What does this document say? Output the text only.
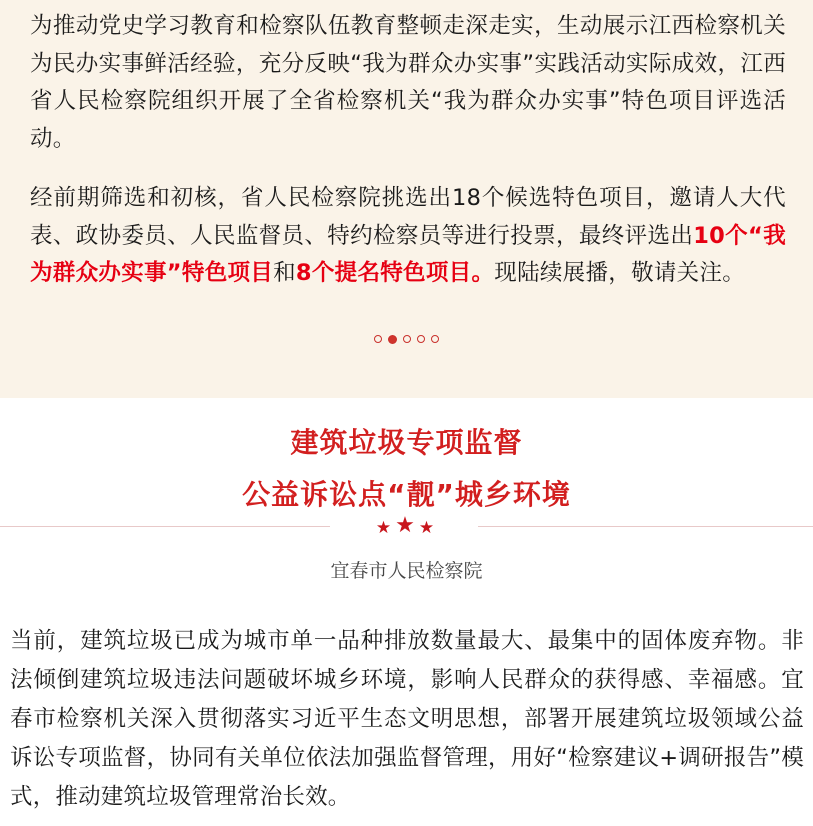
为推动党史学习教育和检察队伍教育整顿走深走实，生动展示江西检察机关为民办实事鲜活经验，充分反映“我为群众办实事”实践活动实际成效，江西省人民检察院组织开展了全省检察机关“我为群众办实事”特色项目评选活动。

经前期筛选和初核，省人民检察院挑选出18个候选特色项目，邀请人大代表、政协委员、人民监督员、特约检察员等进行投票，最终评选出10个“我为群众办实事”特色项目和8个提名特色项目。现陆续展播，敬请关注。

建筑垃圾专项监督
公益诉讼点“靓”城乡环境
★ ★ ★

宜春市人民检察院

当前，建筑垃圾已成为城市单一品种排放数量最大、最集中的固体废弃物。非法倾倒建筑垃圾违法问题破坏城乡环境，影响人民群众的获得感、幸福感。宜春市检察机关深入贯彻落实习近平生态文明思想，部署开展建筑垃圾领域公益诉讼专项监督，协同有关单位依法加强监督管理，用好“检察建议+调研报告”模式，推动建筑垃圾管理常治长效。
